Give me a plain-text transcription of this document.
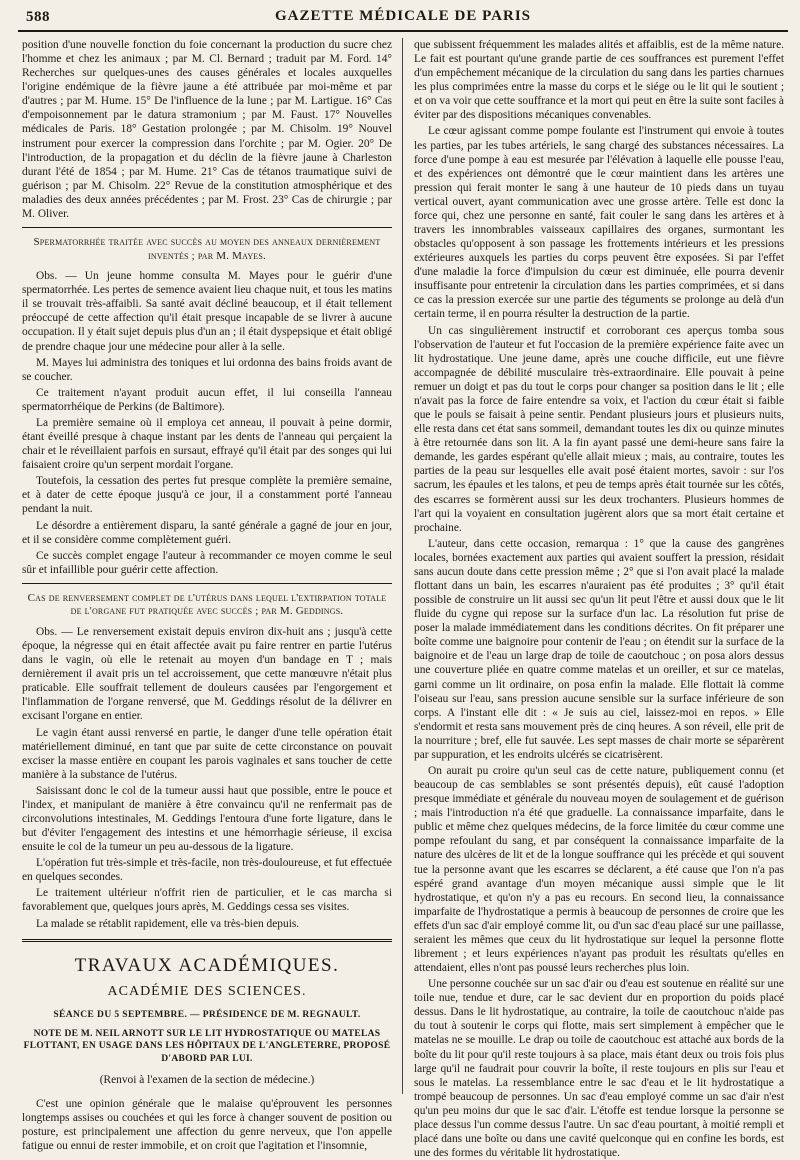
588	GAZETTE MÉDICALE DE PARIS

position d'une nouvelle fonction du foie concernant la production du sucre chez l'homme et chez les animaux ; par M. Cl. Bernard ; traduit par M. Ford. 14° Recherches sur quelques-unes des causes générales et locales auxquelles l'origine endémique de la fièvre jaune a été attribuée par moi-même et par d'autres ; par M. Hume. 15° De l'influence de la lune ; par M. Lartigue. 16° Cas d'empoisonnement par le datura stramonium ; par M. Faust. 17° Nouvelles médicales de Paris. 18° Gestation prolongée ; par M. Chisolm. 19° Nouvel instrument pour exercer la compression dans l'orchite ; par M. Ogier. 20° De l'introduction, de la propagation et du déclin de la fièvre jaune à Charleston durant l'été de 1854 ; par M. Hume. 21° Cas de tétanos traumatique suivi de guérison ; par M. Chisolm. 22° Revue de la constitution atmosphérique et des maladies des deux années précédentes ; par M. Frost. 23° Cas de chirurgie ; par M. Oliver.

Spermatorrhée traitée avec succès au moyen des anneaux dernièrement inventés ; par M. Mayes.

Obs. — Un jeune homme consulta M. Mayes pour le guérir d'une spermatorrhée. Les pertes de semence avaient lieu chaque nuit, et tous les matins il se trouvait très-affaibli. Sa santé avait décliné beaucoup, et il était tellement préoccupé de cette affection qu'il était presque incapable de se livrer à aucune occupation. Il y était sujet depuis plus d'un an ; il était dyspepsique et était obligé de prendre chaque jour une médecine pour aller à la selle.

M. Mayes lui administra des toniques et lui ordonna des bains froids avant de se coucher.

Ce traitement n'ayant produit aucun effet, il lui conseilla l'anneau spermatorrhéique de Perkins (de Baltimore).

La première semaine où il employa cet anneau, il pouvait à peine dormir, étant éveillé presque à chaque instant par les dents de l'anneau qui perçaient la chair et le réveillaient parfois en sursaut, effrayé qu'il était par des songes qui lui faisaient croire qu'un serpent mordait l'organe.

Toutefois, la cessation des pertes fut presque complète la première semaine, et à dater de cette époque jusqu'à ce jour, il a constamment porté l'anneau pendant la nuit.

Le désordre a entièrement disparu, la santé générale a gagné de jour en jour, et il se considère comme complètement guéri.

Ce succès complet engage l'auteur à recommander ce moyen comme le seul sûr et infaillible pour guérir cette affection.

Cas de renversement complet de l'utérus dans lequel l'extirpation totale de l'organe fut pratiquée avec succès ; par M. Geddings.

Obs. — Le renversement existait depuis environ dix-huit ans ; jusqu'à cette époque, la négresse qui en était affectée avait pu faire rentrer en partie l'utérus dans le vagin, où elle le retenait au moyen d'un bandage en T ; mais dernièrement il avait pris un tel accroissement, que cette manœuvre n'était plus praticable. Elle souffrait tellement de douleurs causées par l'engorgement et l'inflammation de l'organe renversé, que M. Geddings résolut de la délivrer en excisant l'organe en entier.

Le vagin étant aussi renversé en partie, le danger d'une telle opération était matériellement diminué, en tant que par suite de cette circonstance on pouvait exciser la masse entière en coupant les parois vaginales et sans toucher de cette manière à la substance de l'utérus.

Saisissant donc le col de la tumeur aussi haut que possible, entre le pouce et l'index, et manipulant de manière à être convaincu qu'il ne renfermait pas de circonvolutions intestinales, M. Geddings l'entoura d'une forte ligature, dans le but d'éviter l'engagement des intestins et une hémorrhagie sérieuse, il excisa ensuite le col de la tumeur un peu au-dessous de la ligature.

L'opération fut très-simple et très-facile, non très-douloureuse, et fut effectuée en quelques secondes.

Le traitement ultérieur n'offrit rien de particulier, et le cas marcha si favorablement que, quelques jours après, M. Geddings cessa ses visites.

La malade se rétablit rapidement, elle va très-bien depuis.

TRAVAUX ACADÉMIQUES.

ACADÉMIE DES SCIENCES.

SÉANCE DU 5 SEPTEMBRE. — PRÉSIDENCE DE M. REGNAULT.

NOTE DE M. NEIL ARNOTT SUR LE LIT HYDROSTATIQUE OU MATELAS FLOTTANT, EN USAGE DANS LES HÔPITAUX DE L'ANGLETERRE, PROPOSÉ D'ABORD PAR LUI.

(Renvoi à l'examen de la section de médecine.)

C'est une opinion générale que le malaise qu'éprouvent les personnes longtemps assises ou couchées et qui les force à changer souvent de position ou posture, est principalement une affection du genre nerveux, que l'on appelle fatigue ou ennui de rester immobile, et on croit que l'agitation et l'insomnie,

que subissent fréquemment les malades alités et affaiblis, est de la même nature. Le fait est pourtant qu'une grande partie de ces souffrances est purement l'effet d'un empêchement mécanique de la circulation du sang dans les parties charnues les plus comprimées entre la masse du corps et le siége ou le lit qui le soutient ; et on va voir que cette souffrance et la mort qui peut en être la suite sont faciles à éviter par des dispositions mécaniques convenables.

Le cœur agissant comme pompe foulante est l'instrument qui envoie à toutes les parties, par les tubes artériels, le sang chargé des substances nécessaires. La force d'une pompe à eau est mesurée par l'élévation à laquelle elle pousse l'eau, et des expériences ont démontré que le cœur maintient dans les artères une pression qui ferait monter le sang à une hauteur de 10 pieds dans un tuyau vertical ouvert, ayant communication avec une grosse artère. Telle est donc la force qui, chez une personne en santé, fait couler le sang dans les artères et à travers les innombrables vaisseaux capillaires des organes, surmontant les obstacles qu'opposent à son passage les frottements intérieurs et les pressions extérieures auxquels les parties du corps peuvent être exposées. Si par l'effet d'une maladie la force d'impulsion du cœur est diminuée, elle pourra devenir insuffisante pour entretenir la circulation dans les parties comprimées, et si dans ce cas la pression exercée sur une partie des téguments se prolonge au delà d'un certain terme, il en pourra résulter la destruction de la partie.

Un cas singulièrement instructif et corroborant ces aperçus tomba sous l'observation de l'auteur et fut l'occasion de la première expérience faite avec un lit hydrostatique. Une jeune dame, après une couche difficile, eut une fièvre accompagnée de débilité musculaire très-extraordinaire. Elle pouvait à peine remuer un doigt et pas du tout le corps pour changer sa position dans le lit ; elle n'avait pas la force de faire entendre sa voix, et l'action du cœur était si faible que le pouls se faisait à peine sentir. Pendant plusieurs jours et plusieurs nuits, elle resta dans cet état sans sommeil, demandant toutes les dix ou quinze minutes à être retournée dans son lit. A la fin ayant passé une demi-heure sans faire la demande, les gardes espérant qu'elle allait mieux ; mais, au contraire, toutes les parties de la peau sur lesquelles elle avait posé étaient mortes, savoir : sur l'os sacrum, les épaules et les talons, et peu de temps après était tournée sur les côtés, des escarres se formèrent aussi sur les deux trochanters. Plusieurs hommes de l'art qui la voyaient en consultation jugèrent alors que sa mort était certaine et prochaine.

L'auteur, dans cette occasion, remarqua : 1° que la cause des gangrènes locales, bornées exactement aux parties qui avaient souffert la pression, résidait sans aucun doute dans cette pression même ; 2° que si l'on avait placé la malade flottant dans un bain, les escarres n'auraient pas été produites ; 3° qu'il était possible de construire un lit aussi sec qu'un lit peut l'être et aussi doux que le lit fluide du cygne qui repose sur la surface d'un lac. La résolution fut prise de poser la malade immédiatement dans les conditions décrites. On fit préparer une boîte comme une baignoire pour contenir de l'eau ; on étendit sur la surface de la baignoire et de l'eau un large drap de toile de caoutchouc ; on posa alors dessus une couverture pliée en quatre comme matelas et un oreiller, et sur ce matelas, garni comme un lit ordinaire, on posa enfin la malade. Elle flottait là comme l'oiseau sur l'eau, sans pression aucune sensible sur la surface inférieure de son corps. A l'instant elle dit : « Je suis au ciel, laissez-moi en repos. » Elle s'endormit et resta sans mouvement près de cinq heures. A son réveil, elle prit de la nourriture ; bref, elle fut sauvée. Les sept masses de chair morte se séparèrent par suppuration, et les endroits ulcérés se cicatrisèrent.

On aurait pu croire qu'un seul cas de cette nature, publiquement connu (et beaucoup de cas semblables se sont présentés depuis), eût causé l'adoption presque immédiate et générale du nouveau moyen de soulagement et de guérison ; mais l'introduction n'a été que graduelle. La connaissance imparfaite, dans le public et même chez quelques médecins, de la force limitée du cœur comme une pompe refoulant du sang, et par conséquent la connaissance imparfaite de la nature des ulcères de lit et de la longue souffrance qui les précède et qui souvent tue la personne avant que les escarres se déclarent, a été cause que l'on n'a pas espéré grand avantage d'un moyen mécanique aussi simple que le lit hydrostatique, et qu'on n'y a pas eu recours. En second lieu, la connaissance imparfaite de l'hydrostatique a permis à beaucoup de personnes de croire que les effets d'un sac d'air employé comme lit, ou d'un sac d'eau placé sur une paillasse, seraient les mêmes que ceux du lit hydrostatique sur lequel la personne flotte librement ; et leurs expériences n'ayant pas produit les résultats qu'elles en attendaient, elles n'ont pas poussé leurs recherches plus loin.

Une personne couchée sur un sac d'air ou d'eau est soutenue en réalité sur une toile nue, tendue et dure, car le sac devient dur en proportion du poids placé dessus. Dans le lit hydrostatique, au contraire, la toile de caoutchouc n'aide pas du tout à soutenir le corps qui flotte, mais sert simplement à empêcher que le matelas ne se mouille. Le drap ou toile de caoutchouc est attaché aux bords de la boîte du lit pour qu'il reste toujours à sa place, mais étant deux ou trois fois plus large qu'il ne faudrait pour couvrir la boîte, il reste toujours en plis sur l'eau et sous le matelas. La ressemblance entre le sac d'eau et le lit hydrostatique a trompé beaucoup de personnes. Un sac d'eau employé comme un sac d'air n'est qu'un peu moins dur que le sac d'air. L'étoffe est tendue lorsque la personne se place dessus l'un comme dessus l'autre. Un sac d'eau pourtant, à moitié rempli et placé dans une boîte ou dans une cavité quelconque qui en confine les bords, est une des formes du véritable lit hydrostatique.
